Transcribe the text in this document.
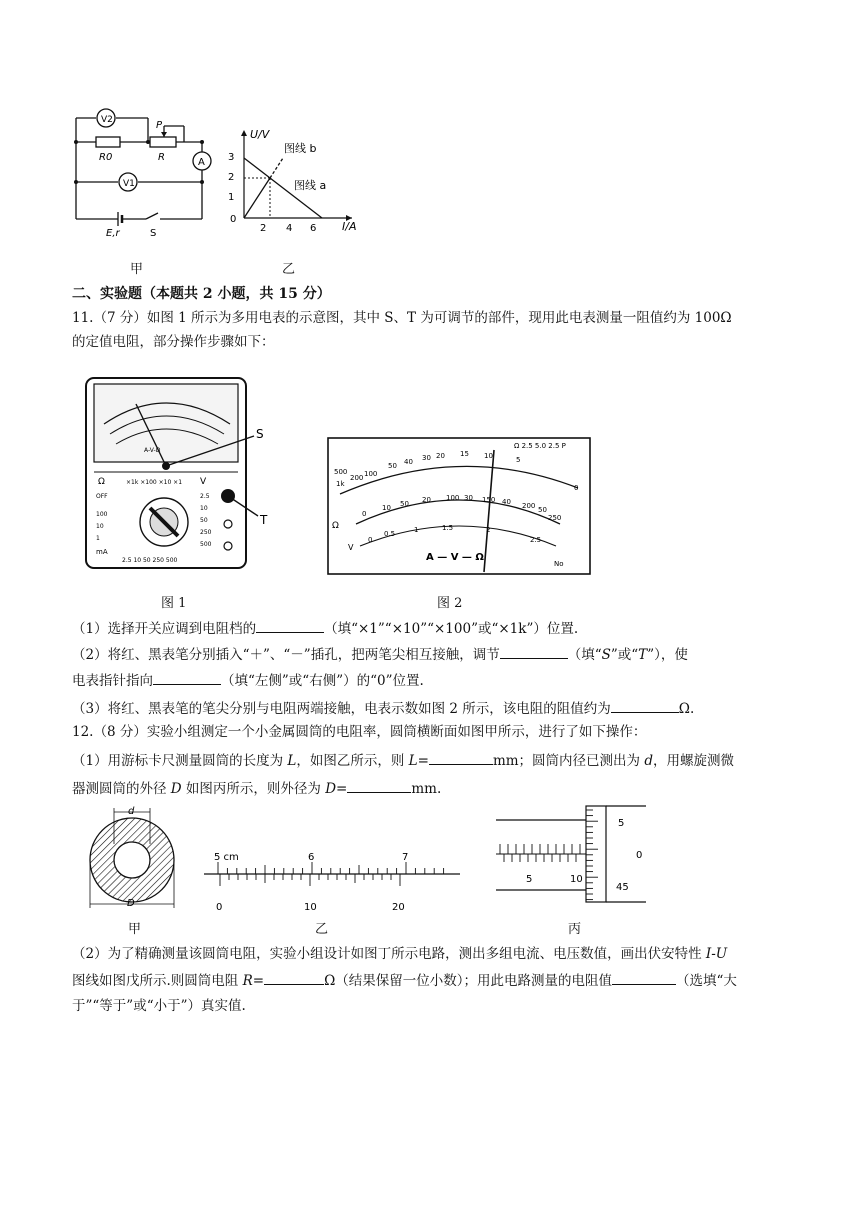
V2
R0
P
R	A
V1
E,r	S
甲
U/V
I/A
图线 b
图线 a
3
2
1
0
2 4 6
乙
二、实验题（本题共 2 小题，共 15 分）
11.（7 分）如图 1 所示为多用电表的示意图，其中 S、T 为可调节的部件，现用此电表测量一阻值约为 100Ω
的定值电阻，部分操作步骤如下：
A-V-Ω
Ω	×1k ×100 ×10 ×1 V
OFF
100
10
1
mA
2.5
10
50
250
500
2.5 10 50 250 500
S
T
图 1
500
1k
200 100
50 40 30 20 15 10	5
0
Ω 2.5 5.0 2.5 P
0
10 50 20 100 30 150 40 200 50
250
0
0.5	1	1.5	2
2.5
Ω
V
A — V — Ω
No
图 2
（1）选择开关应调到电阻档的	（填“×1”“×10”“×100”或“×1k”）位置.
（2）将红、黑表笔分别插入“＋”、“－”插孔，把两笔尖相互接触，调节	（填“S”或“T”），使
电表指针指向	（填“左侧”或“右侧”）的“0”位置.
（3）将红、黑表笔的笔尖分别与电阻两端接触，电表示数如图 2 所示，该电阻的阻值约为	Ω.
12.（8 分）实验小组测定一个小金属圆筒的电阻率，圆筒横断面如图甲所示，进行了如下操作：
（1）用游标卡尺测量圆筒的长度为 L，如图乙所示，则 L=	mm；圆筒内径已测出为 d，用螺旋测微
器测圆筒的外径 D 如图丙所示，则外径为 D=	mm.
d
D
甲
5 cm	6	7
0	10	20
乙
5	10
5
0
45
丙
（2）为了精确测量该圆筒电阻，实验小组设计如图丁所示电路，测出多组电流、电压数值，画出伏安特性 I-U
图线如图戊所示.则圆筒电阻 R=	Ω（结果保留一位小数）；用此电路测量的电阻值	（选填“大
于”“等于”或“小于”）真实值.
